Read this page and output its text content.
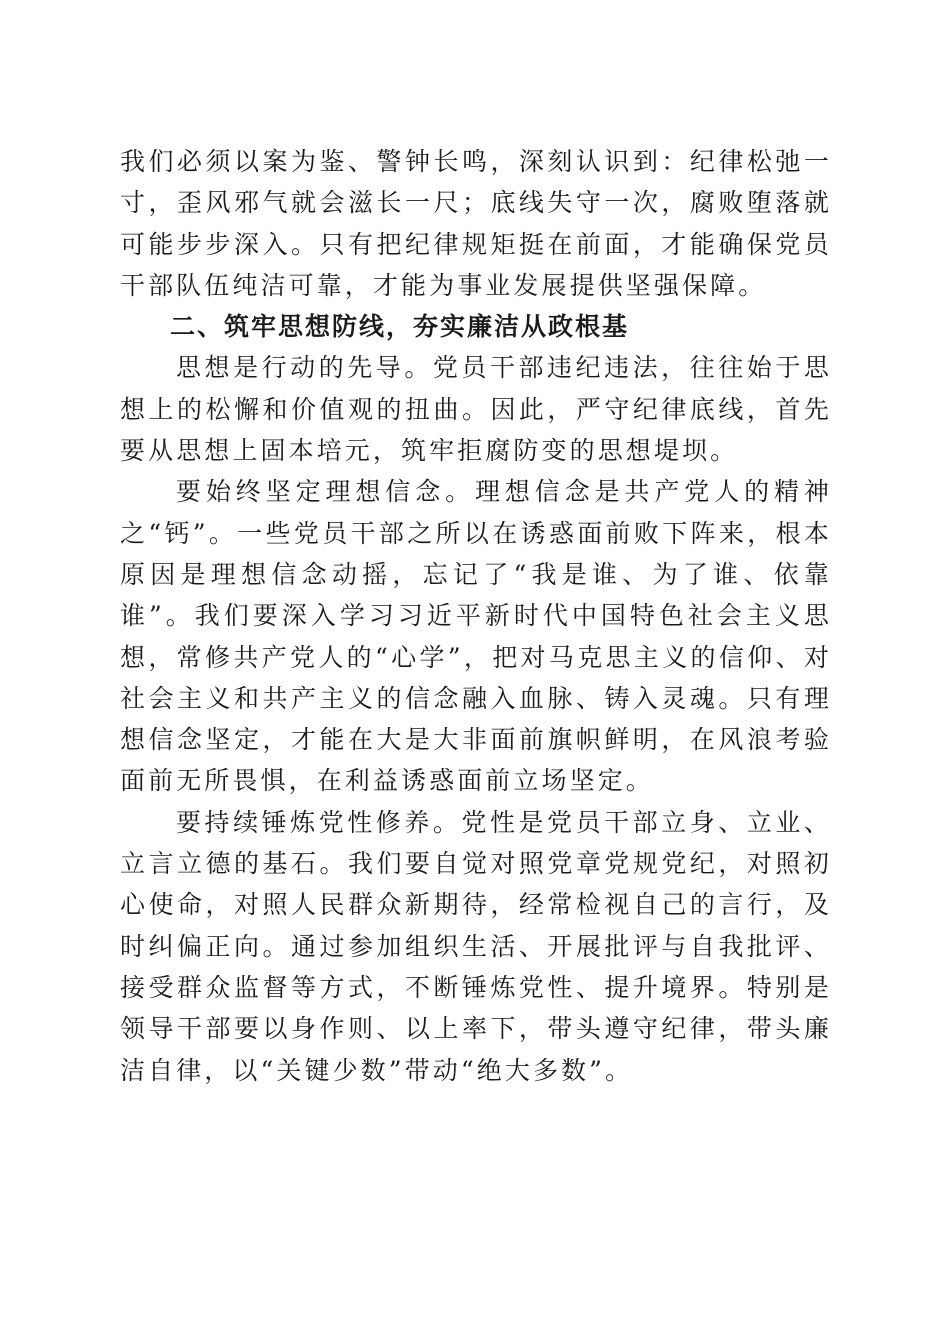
我们必须以案为鉴、警钟长鸣，深刻认识到：纪律松弛一寸，歪风邪气就会滋长一尺；底线失守一次，腐败堕落就可能步步深入。只有把纪律规矩挺在前面，才能确保党员干部队伍纯洁可靠，才能为事业发展提供坚强保障。

二、筑牢思想防线，夯实廉洁从政根基

思想是行动的先导。党员干部违纪违法，往往始于思想上的松懈和价值观的扭曲。因此，严守纪律底线，首先要从思想上固本培元，筑牢拒腐防变的思想堤坝。

要始终坚定理想信念。理想信念是共产党人的精神之“钙”。一些党员干部之所以在诱惑面前败下阵来，根本原因是理想信念动摇，忘记了“我是谁、为了谁、依靠谁”。我们要深入学习习近平新时代中国特色社会主义思想，常修共产党人的“心学”，把对马克思主义的信仰、对社会主义和共产主义的信念融入血脉、铸入灵魂。只有理想信念坚定，才能在大是大非面前旗帜鲜明，在风浪考验面前无所畏惧，在利益诱惑面前立场坚定。

要持续锤炼党性修养。党性是党员干部立身、立业、立言立德的基石。我们要自觉对照党章党规党纪，对照初心使命，对照人民群众新期待，经常检视自己的言行，及时纠偏正向。通过参加组织生活、开展批评与自我批评、接受群众监督等方式，不断锤炼党性、提升境界。特别是领导干部要以身作则、以上率下，带头遵守纪律，带头廉洁自律，以“关键少数”带动“绝大多数”。
